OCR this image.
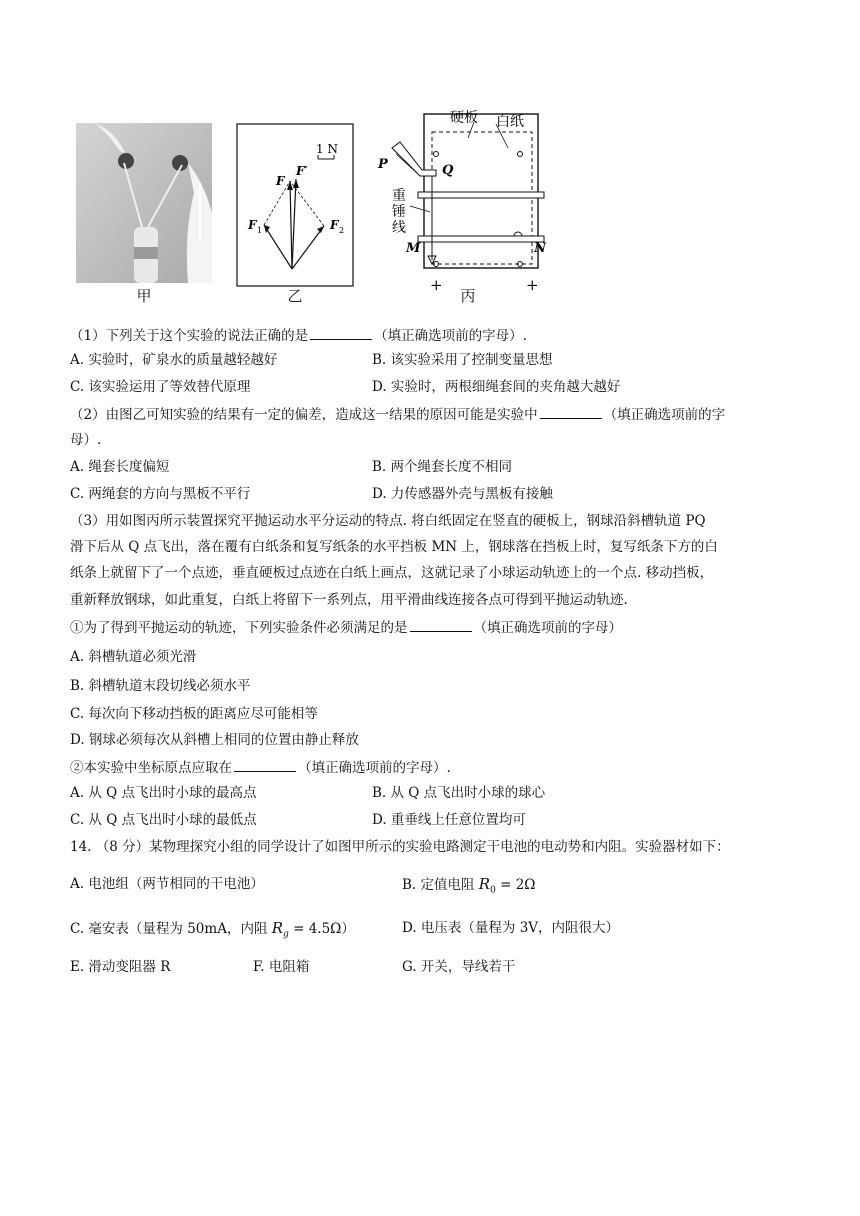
甲
1 N
F
F′
F 1	F 2
乙
硬板 白纸
重
锤
线
P	Q
M	N
+	+
丙
（1）下列关于这个实验的说法正确的是	（填正确选项前的字母）.
A. 实验时，矿泉水的质量越轻越好	B. 该实验采用了控制变量思想
C. 该实验运用了等效替代原理	D. 实验时，两根细绳套间的夹角越大越好
（2）由图乙可知实验的结果有一定的偏差，造成这一结果的原因可能是实验中	（填正确选项前的字
母）.
A. 绳套长度偏短	B. 两个绳套长度不相同
C. 两绳套的方向与黑板不平行	D. 力传感器外壳与黑板有接触
（3）用如图丙所示装置探究平抛运动水平分运动的特点. 将白纸固定在竖直的硬板上，钢球沿斜槽轨道 PQ
滑下后从 Q 点飞出，落在覆有白纸条和复写纸条的水平挡板 MN 上，钢球落在挡板上时，复写纸条下方的白
纸条上就留下了一个点迹，垂直硬板过点迹在白纸上画点，这就记录了小球运动轨迹上的一个点. 移动挡板，
重新释放钢球，如此重复，白纸上将留下一系列点，用平滑曲线连接各点可得到平抛运动轨迹.
①为了得到平抛运动的轨迹，下列实验条件必须满足的是	（填正确选项前的字母）
A. 斜槽轨道必须光滑
B. 斜槽轨道末段切线必须水平
C. 每次向下移动挡板的距离应尽可能相等
D. 钢球必须每次从斜槽上相同的位置由静止释放
②本实验中坐标原点应取在	（填正确选项前的字母）.
A. 从 Q 点飞出时小球的最高点	B. 从 Q 点飞出时小球的球心
C. 从 Q 点飞出时小球的最低点	D. 重垂线上任意位置均可
14. （8 分）某物理探究小组的同学设计了如图甲所示的实验电路测定干电池的电动势和内阻。实验器材如下：
A. 电池组（两节相同的干电池）	B. 定值电阻 $R_0 = 2\Omega$
C. 毫安表（量程为 50mA，内阻 $R_g = 4.5\Omega$）	D. 电压表（量程为 3V，内阻很大）
E. 滑动变阻器 R	F. 电阻箱	G. 开关，导线若干
